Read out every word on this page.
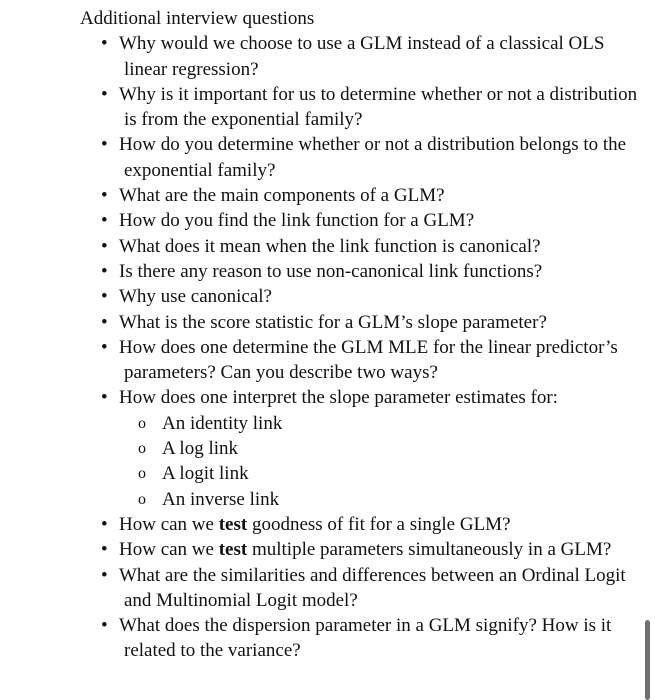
Additional interview questions

• Why would we choose to use a GLM instead of a classical OLS linear regression?
• Why is it important for us to determine whether or not a distribution is from the exponential family?
• How do you determine whether or not a distribution belongs to the exponential family?
• What are the main components of a GLM?
• How do you find the link function for a GLM?
• What does it mean when the link function is canonical?
• Is there any reason to use non-canonical link functions?
• Why use canonical?
• What is the score statistic for a GLM’s slope parameter?
• How does one determine the GLM MLE for the linear predictor’s parameters? Can you describe two ways?
• How does one interpret the slope parameter estimates for:
o An identity link
o A log link
o A logit link
o An inverse link
• How can we test goodness of fit for a single GLM?
• How can we test multiple parameters simultaneously in a GLM?
• What are the similarities and differences between an Ordinal Logit and Multinomial Logit model?
• What does the dispersion parameter in a GLM signify? How is it related to the variance?
